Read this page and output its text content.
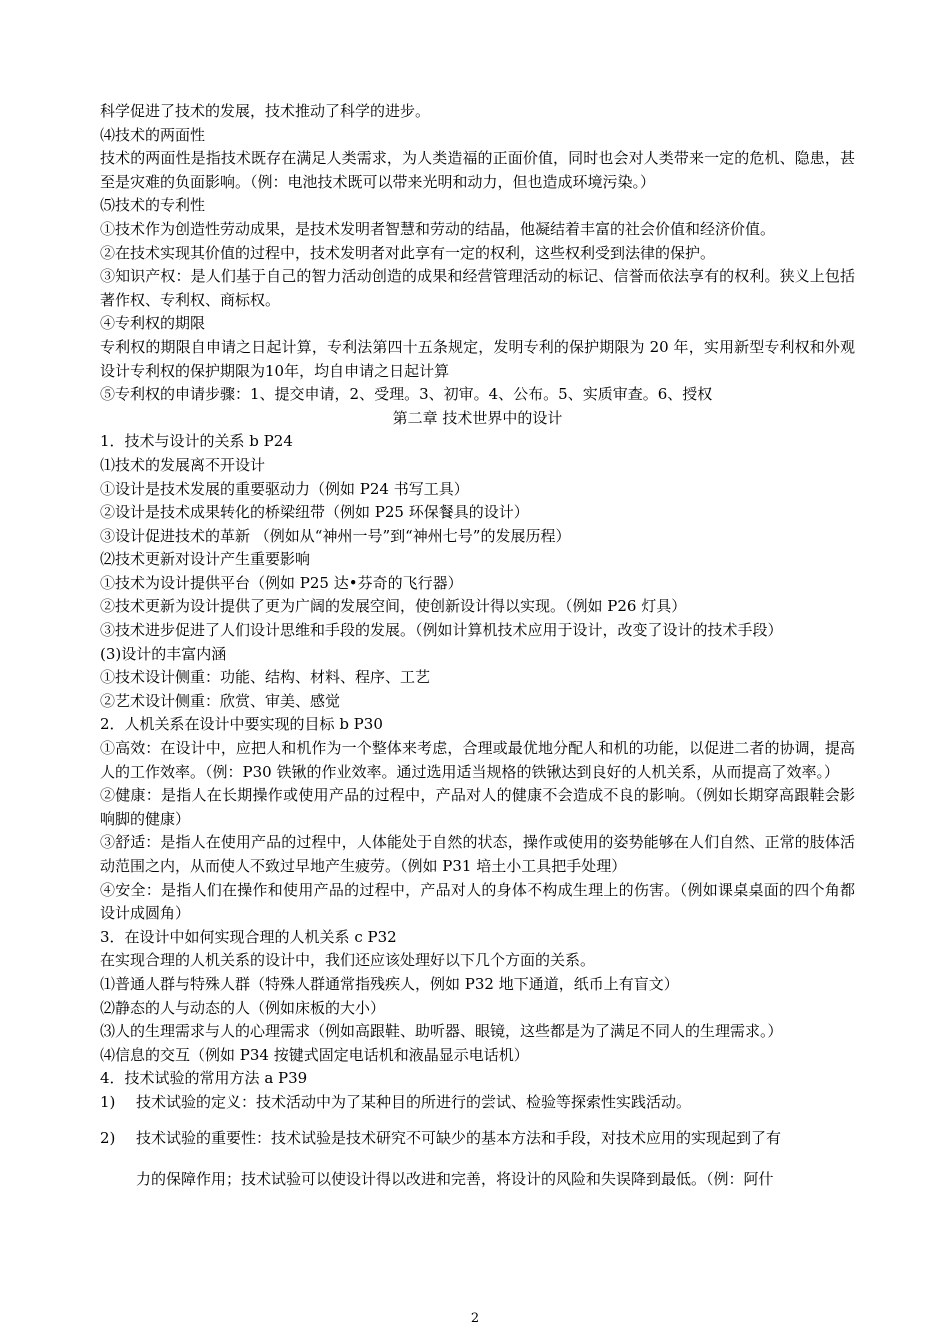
科学促进了技术的发展，技术推动了科学的进步。
⑷技术的两面性
技术的两面性是指技术既存在满足人类需求，为人类造福的正面价值，同时也会对人类带来一定的危机、隐患，甚至是灾难的负面影响。（例：电池技术既可以带来光明和动力，但也造成环境污染。）
⑸技术的专利性
①技术作为创造性劳动成果，是技术发明者智慧和劳动的结晶，他凝结着丰富的社会价值和经济价值。
②在技术实现其价值的过程中，技术发明者对此享有一定的权利，这些权利受到法律的保护。
③知识产权：是人们基于自己的智力活动创造的成果和经营管理活动的标记、信誉而依法享有的权利。狭义上包括著作权、专利权、商标权。
④专利权的期限
专利权的期限自申请之日起计算，专利法第四十五条规定，发明专利的保护期限为 20 年，实用新型专利权和外观设计专利权的保护期限为10年，均自申请之日起计算
⑤专利权的申请步骤：1、提交申请，2、受理。3、初审。4、公布。5、实质审查。6、授权
第二章 技术世界中的设计
1．技术与设计的关系 b P24
⑴技术的发展离不开设计
①设计是技术发展的重要驱动力（例如 P24 书写工具）
②设计是技术成果转化的桥梁纽带（例如 P25 环保餐具的设计）
③设计促进技术的革新 （例如从“神州一号”到“神州七号”的发展历程）
⑵技术更新对设计产生重要影响
①技术为设计提供平台（例如 P25 达•芬奇的飞行器）
②技术更新为设计提供了更为广阔的发展空间，使创新设计得以实现。（例如 P26 灯具）
③技术进步促进了人们设计思维和手段的发展。（例如计算机技术应用于设计，改变了设计的技术手段）
(3)设计的丰富内涵
①技术设计侧重：功能、结构、材料、程序、工艺
②艺术设计侧重：欣赏、审美、感觉
2．人机关系在设计中要实现的目标 b P30
①高效：在设计中，应把人和机作为一个整体来考虑，合理或最优地分配人和机的功能，以促进二者的协调，提高人的工作效率。（例：P30 铁锹的作业效率。通过选用适当规格的铁锹达到良好的人机关系，从而提高了效率。）
②健康：是指人在长期操作或使用产品的过程中，产品对人的健康不会造成不良的影响。（例如长期穿高跟鞋会影响脚的健康）
③舒适：是指人在使用产品的过程中，人体能处于自然的状态，操作或使用的姿势能够在人们自然、正常的肢体活动范围之内，从而使人不致过早地产生疲劳。（例如 P31 培土小工具把手处理）
④安全：是指人们在操作和使用产品的过程中，产品对人的身体不构成生理上的伤害。（例如课桌桌面的四个角都设计成圆角）
3．在设计中如何实现合理的人机关系 c P32
在实现合理的人机关系的设计中，我们还应该处理好以下几个方面的关系。
⑴普通人群与特殊人群（特殊人群通常指残疾人，例如 P32 地下通道，纸币上有盲文）
⑵静态的人与动态的人（例如床板的大小）
⑶人的生理需求与人的心理需求（例如高跟鞋、助听器、眼镜，这些都是为了满足不同人的生理需求。）
⑷信息的交互（例如 P34 按键式固定电话机和液晶显示电话机）
4．技术试验的常用方法 a P39
1)	技术试验的定义：技术活动中为了某种目的所进行的尝试、检验等探索性实践活动。
2)	技术试验的重要性：技术试验是技术研究不可缺少的基本方法和手段，对技术应用的实现起到了有
力的保障作用；技术试验可以使设计得以改进和完善，将设计的风险和失误降到最低。（例：阿什
2
